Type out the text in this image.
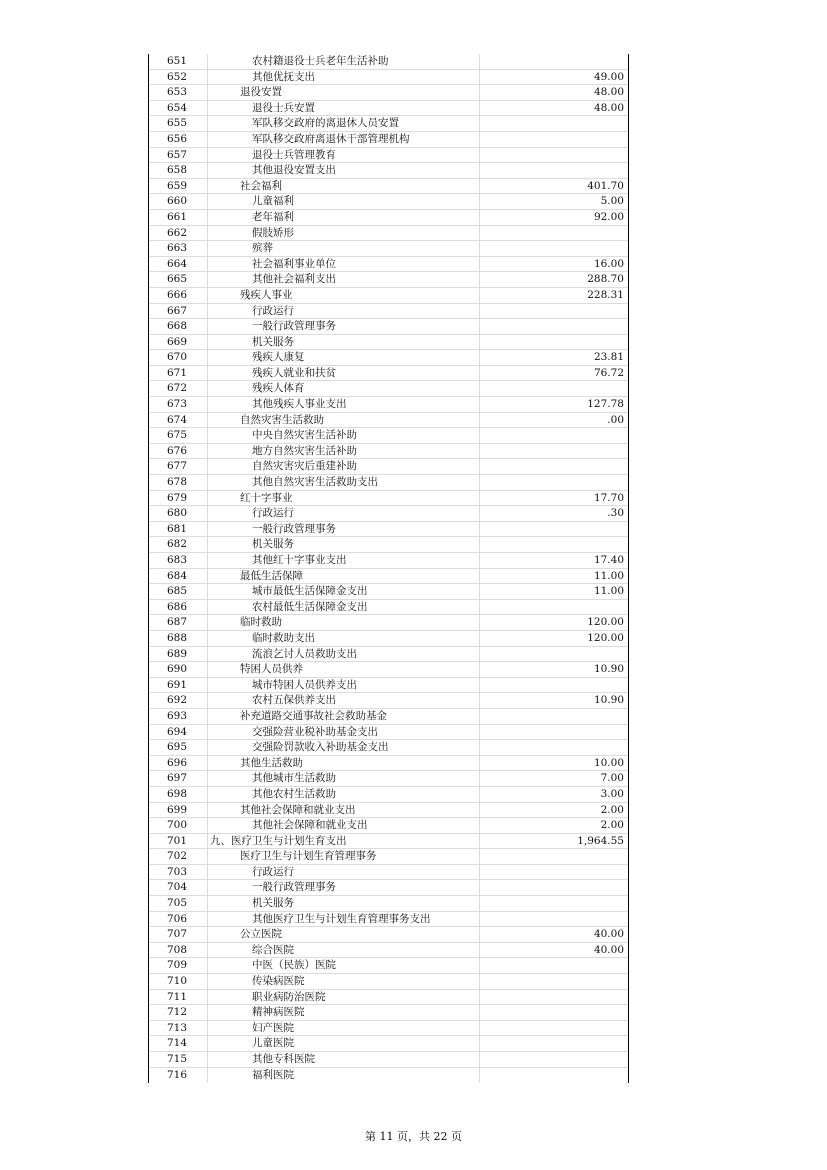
651	农村籍退役士兵老年生活补助
652	其他优抚支出	49.00
653	退役安置	48.00
654	退役士兵安置	48.00
655	军队移交政府的离退休人员安置
656	军队移交政府离退休干部管理机构
657	退役士兵管理教育
658	其他退役安置支出
659	社会福利	401.70
660	儿童福利	5.00
661	老年福利	92.00
662	假肢矫形
663	殡葬
664	社会福利事业单位	16.00
665	其他社会福利支出	288.70
666	残疾人事业	228.31
667	行政运行
668	一般行政管理事务
669	机关服务
670	残疾人康复	23.81
671	残疾人就业和扶贫	76.72
672	残疾人体育
673	其他残疾人事业支出	127.78
674	自然灾害生活救助	.00
675	中央自然灾害生活补助
676	地方自然灾害生活补助
677	自然灾害灾后重建补助
678	其他自然灾害生活救助支出
679	红十字事业	17.70
680	行政运行	.30
681	一般行政管理事务
682	机关服务
683	其他红十字事业支出	17.40
684	最低生活保障	11.00
685	城市最低生活保障金支出	11.00
686	农村最低生活保障金支出
687	临时救助	120.00
688	临时救助支出	120.00
689	流浪乞讨人员救助支出
690	特困人员供养	10.90
691	城市特困人员供养支出
692	农村五保供养支出	10.90
693	补充道路交通事故社会救助基金
694	交强险营业税补助基金支出
695	交强险罚款收入补助基金支出
696	其他生活救助	10.00
697	其他城市生活救助	7.00
698	其他农村生活救助	3.00
699	其他社会保障和就业支出	2.00
700	其他社会保障和就业支出	2.00
701	九、医疗卫生与计划生育支出	1,964.55
702	医疗卫生与计划生育管理事务
703	行政运行
704	一般行政管理事务
705	机关服务
706	其他医疗卫生与计划生育管理事务支出
707	公立医院	40.00
708	综合医院	40.00
709	中医（民族）医院
710	传染病医院
711	职业病防治医院
712	精神病医院
713	妇产医院
714	儿童医院
715	其他专科医院
716	福利医院
第 11 页，共 22 页
